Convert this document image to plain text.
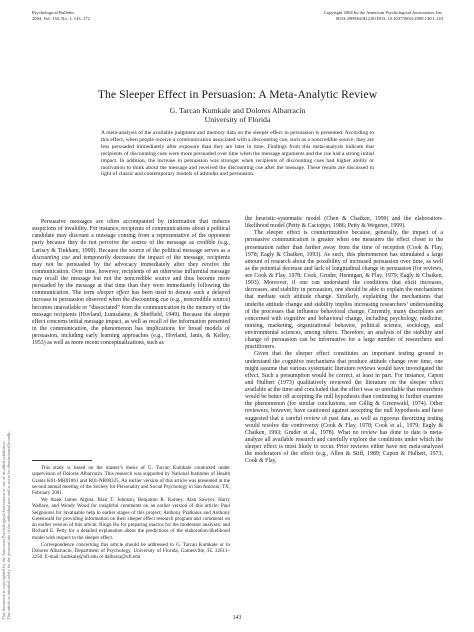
Psychological Bulletin
2004, Vol. 130, No. 1, 143–172
Copyright 2004 by the American Psychological Association, Inc.
0033-2909/04/$12.00 DOI: 10.1037/0033-2909.130.1.143
This document is copyrighted by the American Psychological Association or one of its allied publishers. This article is intended solely for the personal use of the individual user and is not to be disseminated broadly.
The Sleeper Effect in Persuasion: A Meta-Analytic Review
G. Tarcan Kumkale and Dolores Albarracín
University of Florida
A meta-analysis of the available judgment and memory data on the sleeper effect in persuasion is presented. According to this effect, when people receive a communication associated with a discounting cue, such as a noncredible source, they are less persuaded immediately after exposure than they are later in time. Findings from this meta-analysis indicate that recipients of discounting cues were more persuaded over time when the message arguments and the cue had a strong initial impact. In addition, the increase in persuasion was stronger when recipients of discounting cues had higher ability or motivation to think about the message and received the discounting cue after the message. These results are discussed in light of classic and contemporary models of attitudes and persuasion.

Persuasive messages are often accompanied by information that induces suspicions of invalidity. For instance, recipients of communications about a political candidate may discount a message coming from a representative of the opponent party because they do not perceive the source of the message as credible (e.g., Lariscy & Tinkham, 1999). Because the source of the political message serves as a discounting cue and temporarily decreases the impact of the message, recipients may not be persuaded by the advocacy immediately after they receive the communication. Over time, however, recipients of an otherwise influential message may recall the message but not the noncredible source and thus become more persuaded by the message at that time than they were immediately following the communication. The term sleeper effect has been used to denote such a delayed increase in persuasion observed when the discounting cue (e.g., noncredible source) becomes unavailable or “dissociated” from the communication in the memory of the message recipients (Hovland, Lumsdaine, & Sheffield, 1949). Because the sleeper effect concerns initial message impact, as well as recall of the information presented in the communication, the phenomenon has implications for broad models of persuasion, including early learning approaches (e.g., Hovland, Janis, & Kelley, 1953) as well as more recent conceptualizations, such as

This study is based on the master’s thesis of G. Tarcan Kumkale conducted under supervision of Dolores Albarracín. This research was supported by National Institutes of Health Grants K01-MH01861 and R01-NR08325. An earlier version of this article was presented at the second annual meeting of the Society for Personality and Social Psychology in San Antonio, TX, February 2001.

We thank James Algina, Blair T. Johnson, Benjamin R. Karney, Alan Sawyer, Harry Wallace, and Wendy Wood for insightful comments on an earlier version of this article; Paul Seignourel for invaluable help in earlier stages of this project; Anthony Pratkanis and Anthony Greenwald for providing information on their sleeper effect research program and comments on an earlier version of this article; Ringo Ho for preparing macros for the moderator analyses; and Richard E. Petty for a detailed explanation about the predictions of the elaboration-likelihood model with respect to the sleeper effect.

Correspondence concerning this article should be addressed to G. Tarcan Kumkale or to Dolores Albarracín, Department of Psychology, University of Florida, Gainesville, FL 32611–2250. E-mail: kumkale@ufl.edu or dalbarra@ufl.edu

the heuristic-systematic model (Chen & Chaiken, 1999) and the elaboration-likelihood model (Petty & Cacioppo, 1986; Petty & Wegener, 1999).

The sleeper effect is counterintuitive because, generally, the impact of a persuasive communication is greater when one measures the effect closer to the presentation rather than farther away from the time of reception (Cook & Flay, 1978; Eagly & Chaiken, 1993). As such, this phenomenon has stimulated a large amount of research about the possibility of increased persuasion over time, as well as the potential decrease and lack of longitudinal change in persuasion (for reviews, see Cook & Flay, 1978; Cook, Gruder, Hennigan, & Flay, 1979; Eagly & Chaiken, 1993). Moreover, if one can understand the conditions that elicit increases, decreases, and stability in persuasion, one should be able to explain the mechanisms that mediate such attitude change. Similarly, explaining the mechanisms that underlie attitude change and stability implies increasing researchers’ understanding of the processes that influence behavioral change. Currently, many disciplines are concerned with cognitive and behavioral change, including psychology, medicine, nursing, marketing, organizational behavior, political science, sociology, and environmental sciences, among others. Therefore, an analysis of the stability and change of persuasion can be informative for a large number of researchers and practitioners.

Given that the sleeper effect constitutes an important testing ground to understand the cognitive mechanisms that produce attitude change over time, one might assume that various systematic literature reviews would have investigated the effect. Such a presumption would be correct, at least in part. For instance, Capon and Hulbert (1973) qualitatively reviewed the literature on the sleeper effect available at the time and concluded that the effect was so unreliable that researchers would be better off accepting the null hypothesis than continuing to further examine the phenomenon (for similar conclusions, see Gillig & Greenwald, 1974). Other reviewers, however, have cautioned against accepting the null hypothesis and have suggested that a careful review of past data, as well as rigorous theorizing testing would resolve the controversy (Cook & Flay, 1978; Cook et al., 1979; Eagly & Chaiken, 1993; Gruder et al., 1978). What no review has done to date is meta-analyze all available research and carefully explore the conditions under which the sleeper effect is most likely to occur. Prior reviews either have not meta-analyzed the moderators of the effect (e.g., Allen & Stiff, 1989; Capon & Hulbert, 1973; Cook & Flay,

143
